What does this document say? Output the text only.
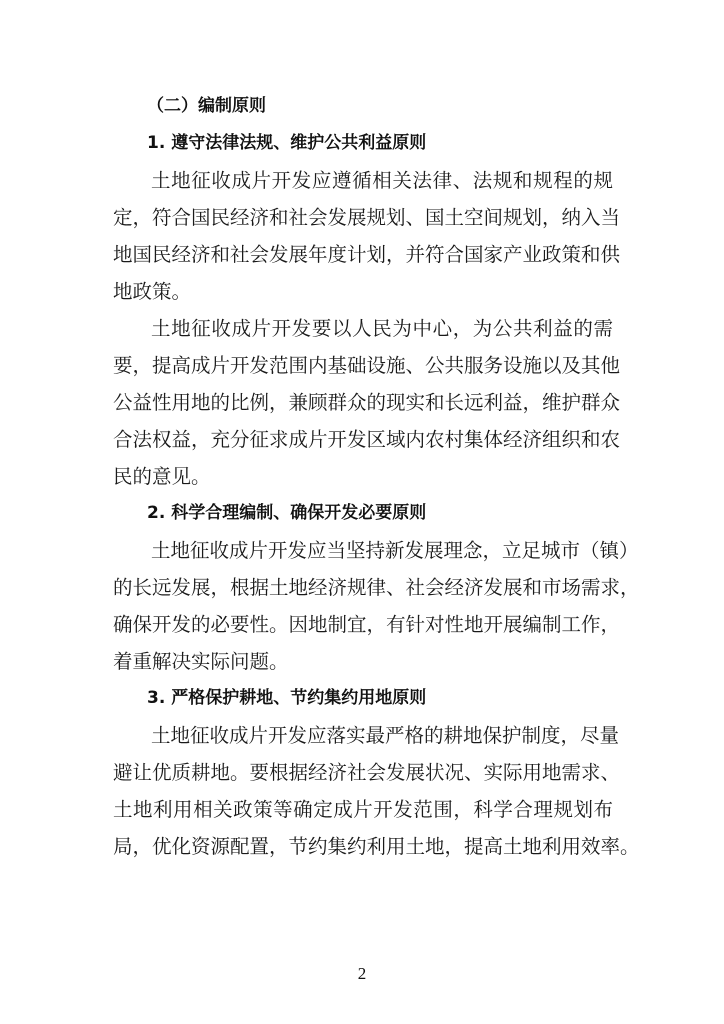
（二）编制原则
1. 遵守法律法规、维护公共利益原则
土地征收成片开发应遵循相关法律、法规和规程的规
定，符合国民经济和社会发展规划、国土空间规划，纳入当
地国民经济和社会发展年度计划，并符合国家产业政策和供
地政策。
土地征收成片开发要以人民为中心，为公共利益的需
要，提高成片开发范围内基础设施、公共服务设施以及其他
公益性用地的比例，兼顾群众的现实和长远利益，维护群众
合法权益，充分征求成片开发区域内农村集体经济组织和农
民的意见。
2. 科学合理编制、确保开发必要原则
土地征收成片开发应当坚持新发展理念，立足城市（镇）
的长远发展，根据土地经济规律、社会经济发展和市场需求，
确保开发的必要性。因地制宜，有针对性地开展编制工作，
着重解决实际问题。
3. 严格保护耕地、节约集约用地原则
土地征收成片开发应落实最严格的耕地保护制度，尽量
避让优质耕地。要根据经济社会发展状况、实际用地需求、
土地利用相关政策等确定成片开发范围，科学合理规划布
局，优化资源配置，节约集约利用土地，提高土地利用效率。
2
